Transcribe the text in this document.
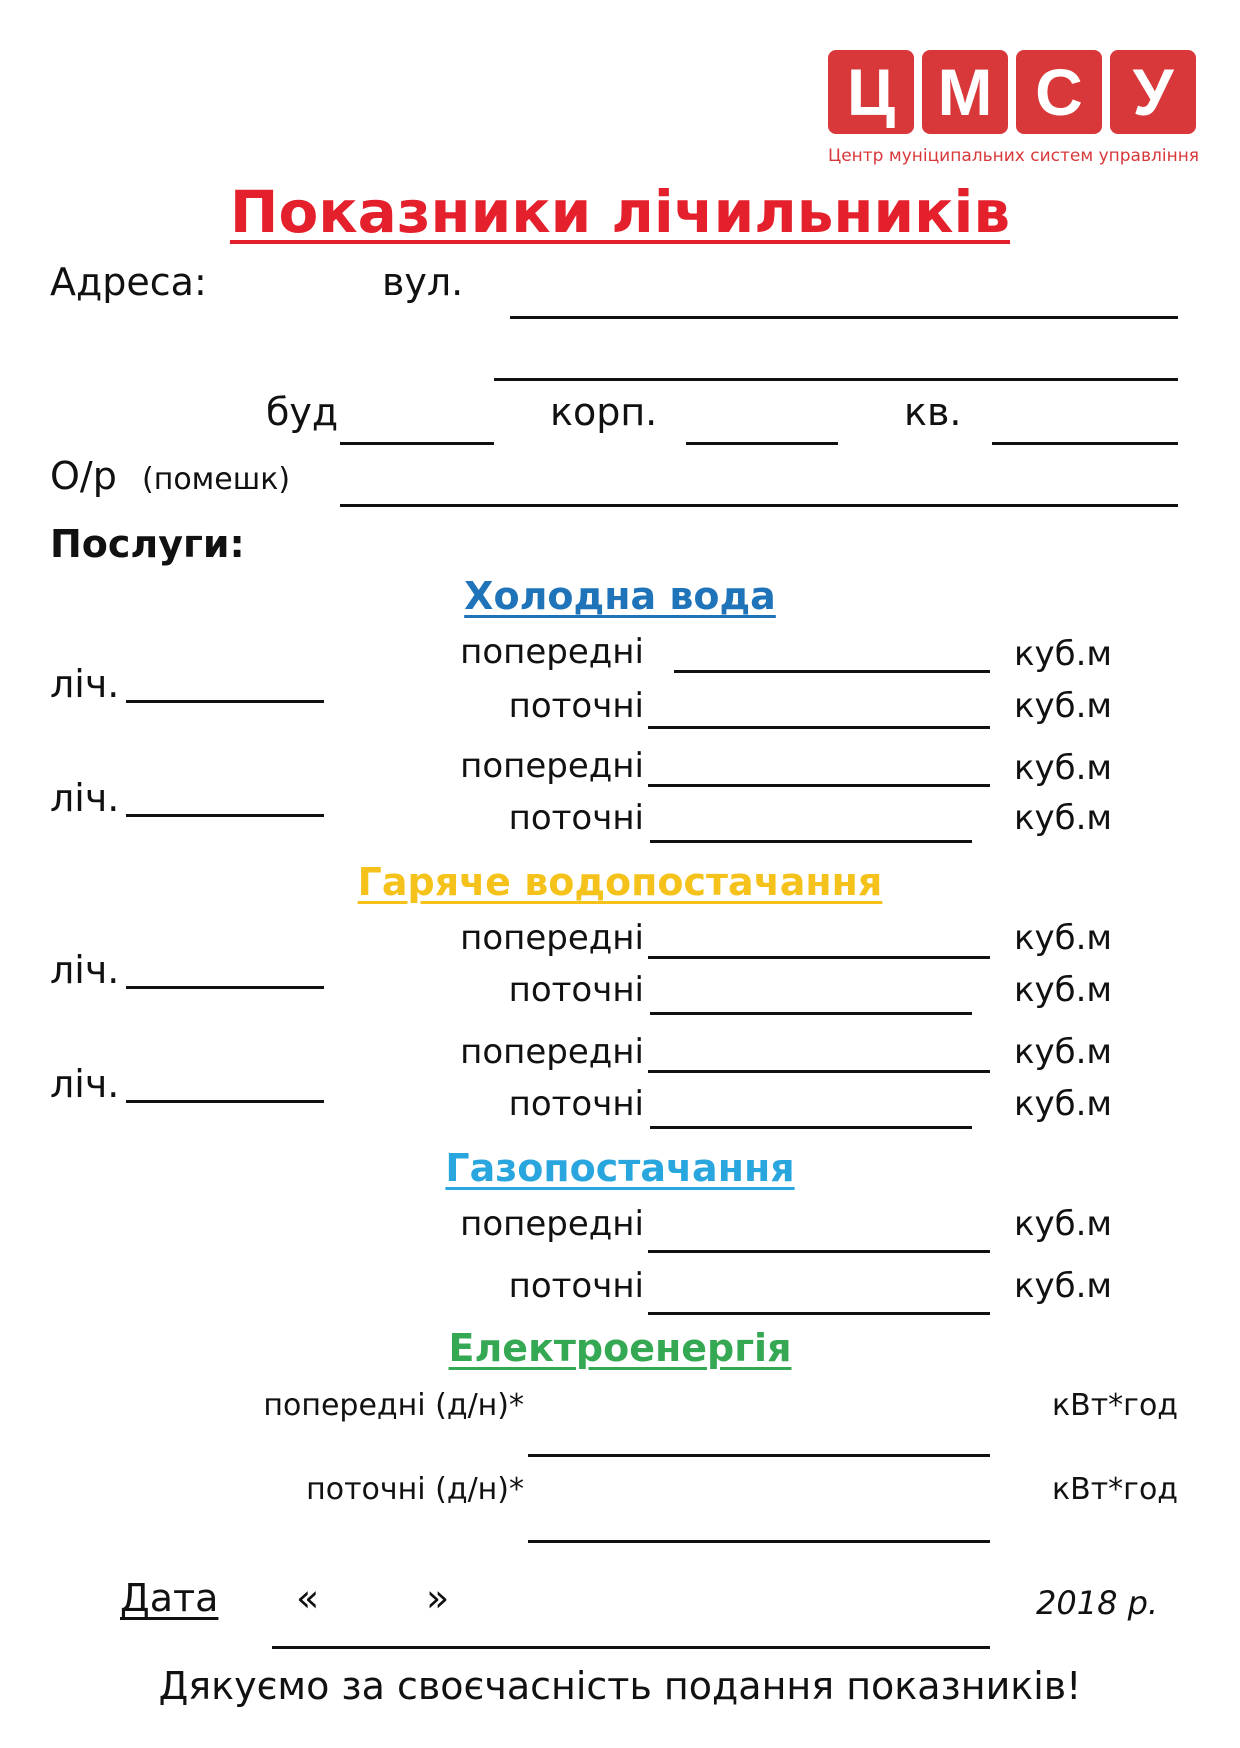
Ц М С У
Центр муніципальних систем управління
Показники лічильників
Адреса:	вул.
буд	корп.	кв.
О/р (помешк)
Послуги:
Холодна вода
попередні	куб.м
ліч.	поточні	куб.м
попередні	куб.м
ліч.	поточні	куб.м
Гаряче водопостачання
попередні	куб.м
ліч.	поточні	куб.м
попередні	куб.м
ліч.	поточні	куб.м
Газопостачання
попередні	куб.м
поточні	куб.м
Електроенергія
попередні (д/н)*	кВт*год
поточні (д/н)*	кВт*год
Дата «	»	2018 р.
Дякуємо за своєчасність подання показників!
